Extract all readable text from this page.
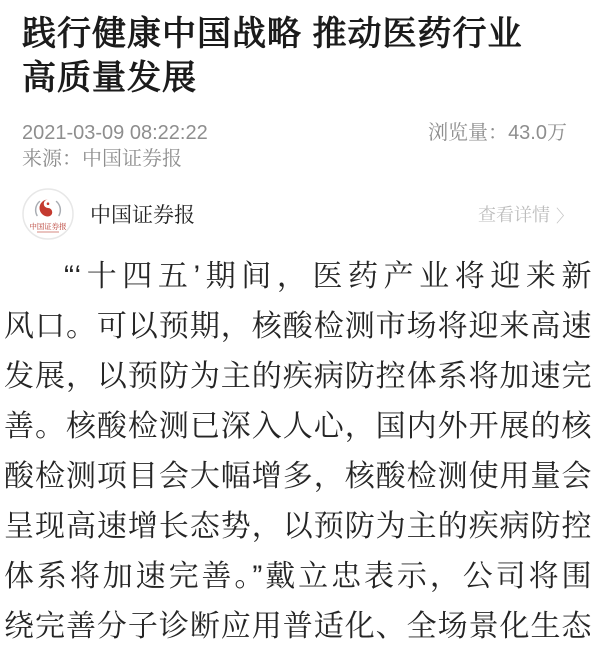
践行健康中国战略 推动医药行业
高质量发展
2021-03-09 08:22:22	浏览量：43.0万
来源：中国证券报
中国证券报 中国证券报	查看详情 〉
“‘十四五’期间，医药产业将迎来新
风口。可以预期，核酸检测市场将迎来高速
发展，以预防为主的疾病防控体系将加速完
善。核酸检测已深入人心，国内外开展的核
酸检测项目会大幅增多，核酸检测使用量会
呈现高速增长态势，以预防为主的疾病防控
体系将加速完善。”戴立忠表示，公司将围
绕完善分子诊断应用普适化、全场景化生态
